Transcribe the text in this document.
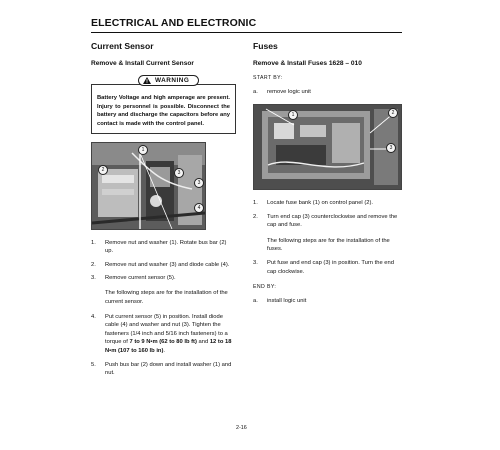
ELECTRICAL AND ELECTRONIC
Current Sensor
Remove & Install Current Sensor
WARNING
Battery Voltage and high amperage are present. Injury to personnel is possible. Disconnect the battery and discharge the capacitors before any contact is made with the control panel.
1
2	3
3
4
1. Remove nut and washer (1). Rotate bus bar (2) up.
2. Remove nut and washer (3) and diode cable (4).
3. Remove current sensor (5).
The following steps are for the installation of the current sensor.
4. Put current sensor (5) in position. Install diode cable (4) and washer and nut (3). Tighten the fasteners (1/4 inch and 5/16 inch fasteners) to a torque of 7 to 9 N•m (62 to 80 lb ft) and 12 to 18 N•m (107 to 160 lb in).
5. Push bus bar (2) down and install washer (1) and nut.
Fuses
Remove & Install Fuses 1628 – 010
START BY:
a. remove logic unit
1	2
3
1. Locate fuse bank (1) on control panel (2).
2. Turn end cap (3) counterclockwise and remove the cap and fuse.
The following steps are for the installation of the fuses.
3. Put fuse and end cap (3) in position. Turn the end cap clockwise.
END BY:
a. install logic unit
2-16
